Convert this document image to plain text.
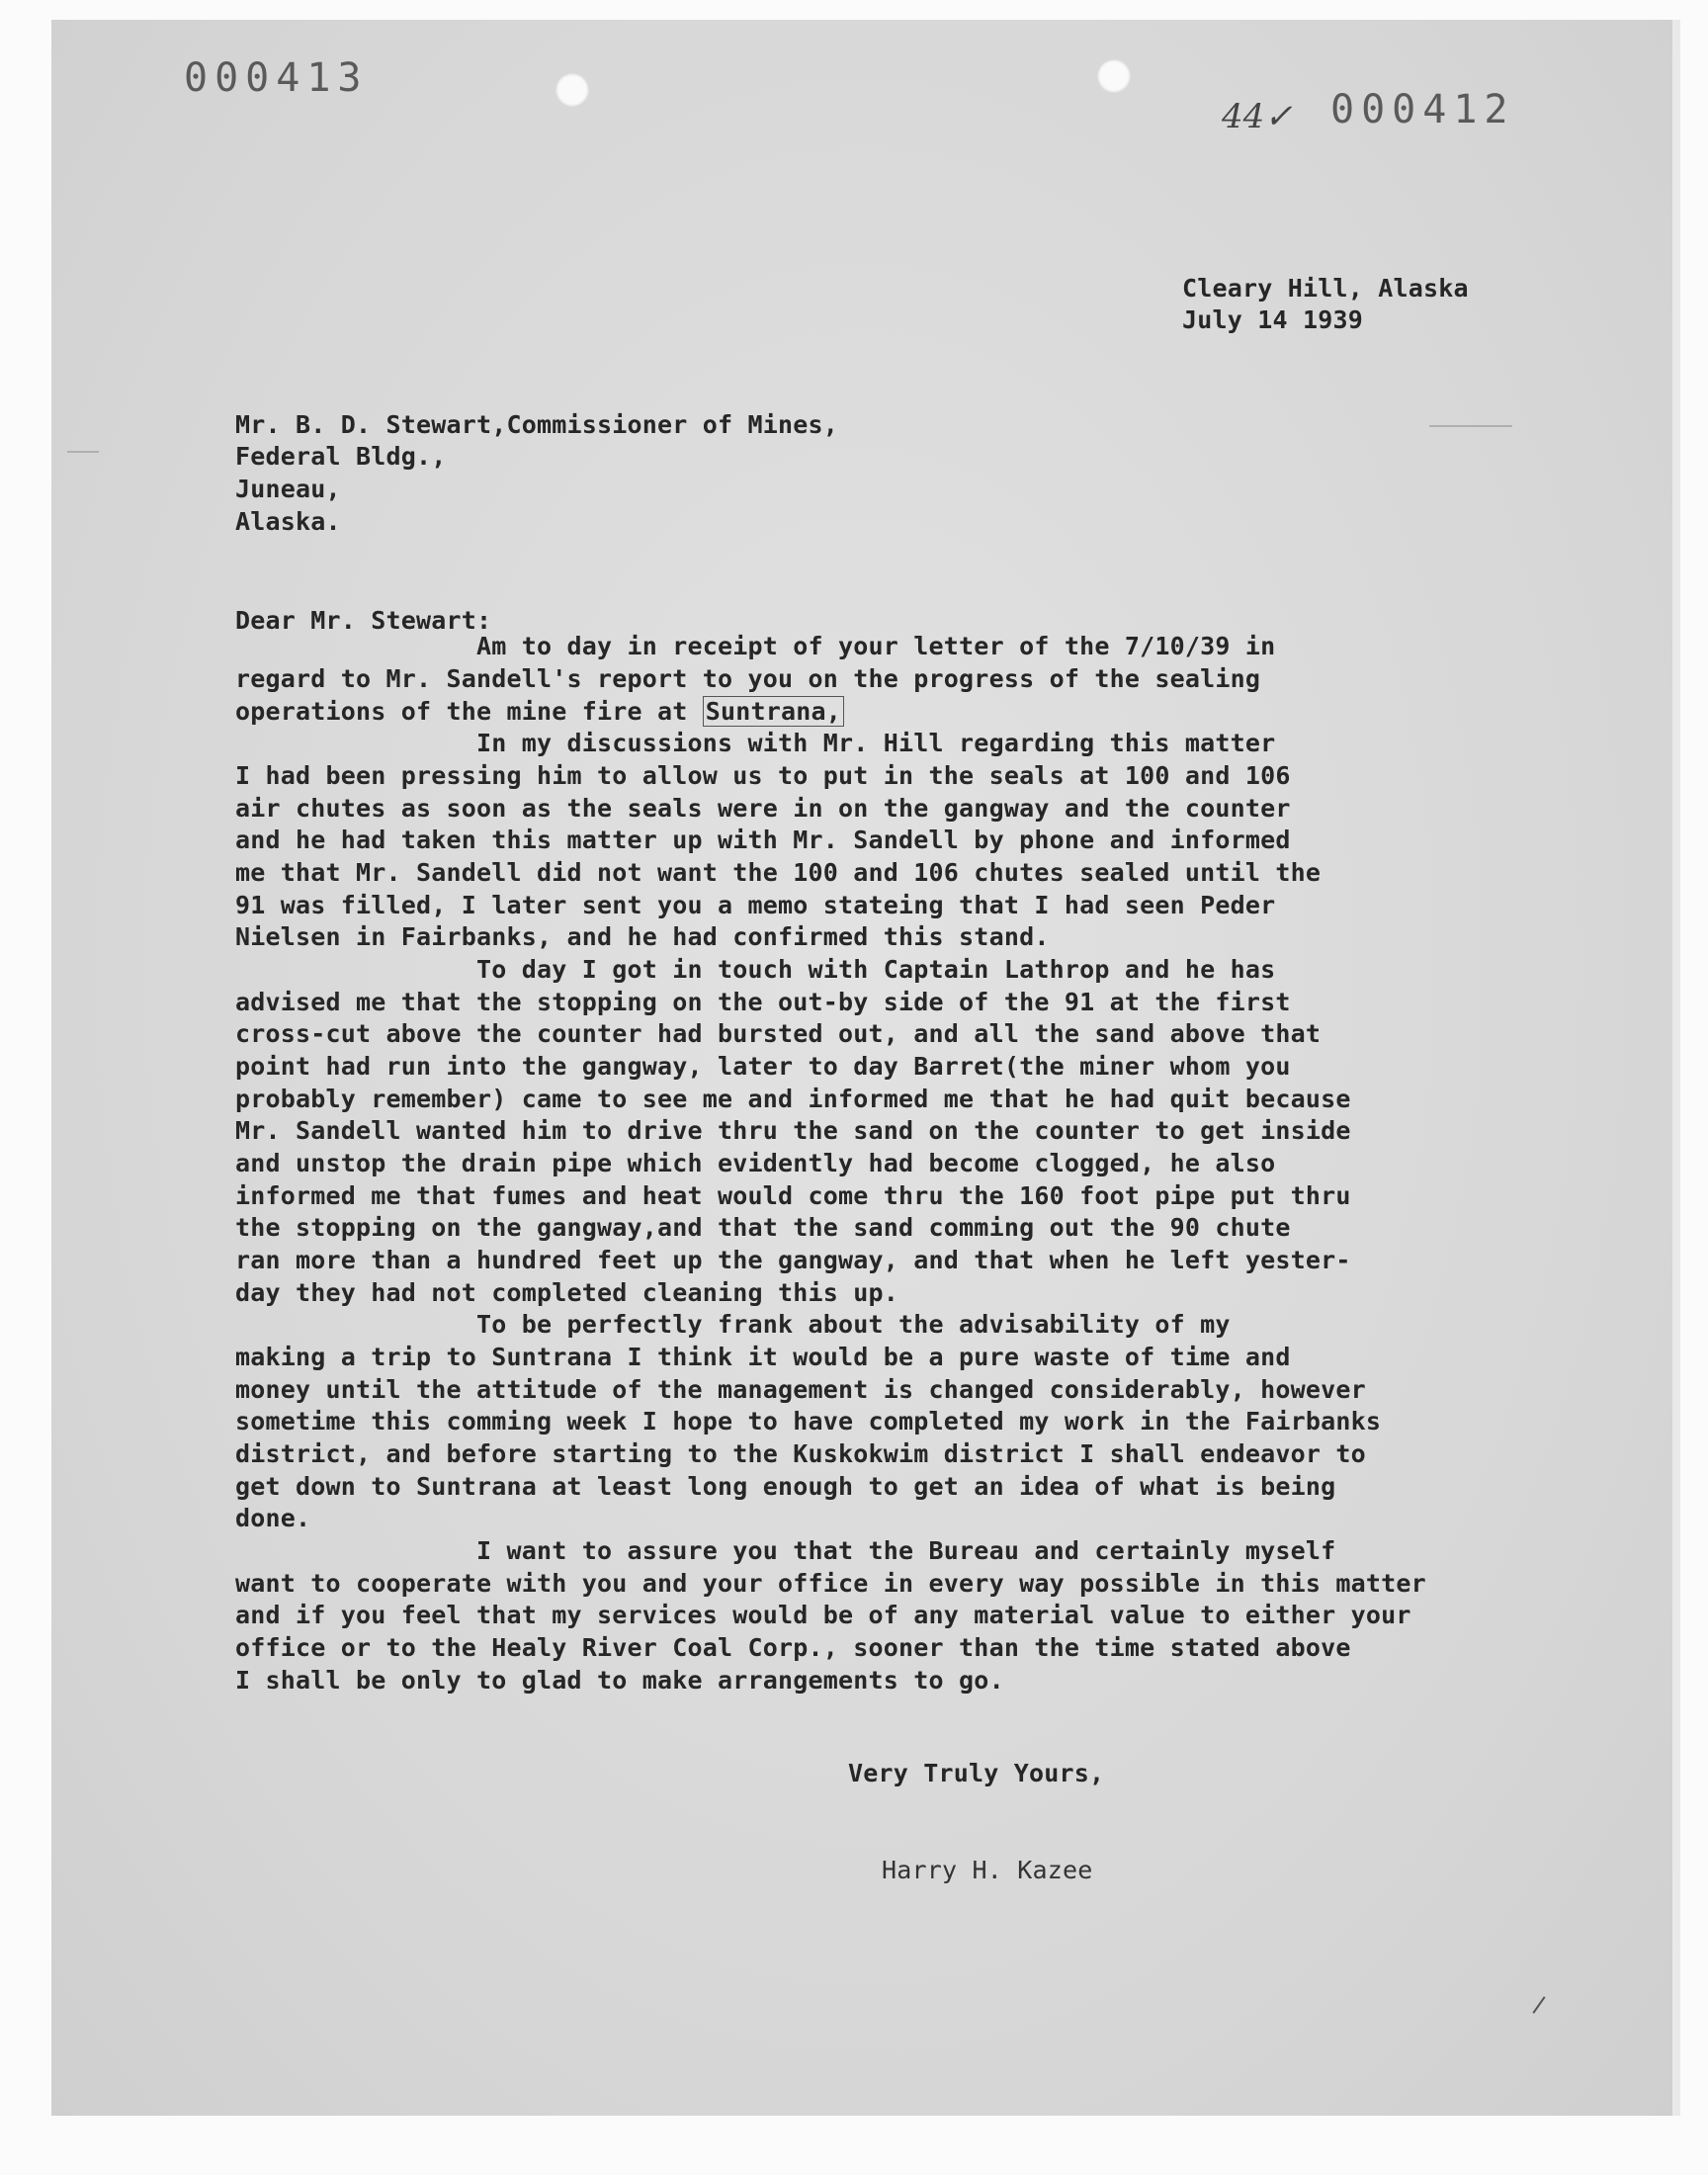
000413
44✓ 000412
Cleary Hill, Alaska
July 14 1939
Mr. B. D. Stewart,Commissioner of Mines,
Federal Bldg.,
Juneau,
Alaska.
Dear Mr. Stewart:
Am to day in receipt of your letter of the 7/10/39 in
regard to Mr. Sandell's report to you on the progress of the sealing
operations of the mine fire at Suntrana,
In my discussions with Mr. Hill regarding this matter
I had been pressing him to allow us to put in the seals at 100 and 106
air chutes as soon as the seals were in on the gangway and the counter
and he had taken this matter up with Mr. Sandell by phone and informed
me that Mr. Sandell did not want the 100 and 106 chutes sealed until the
91 was filled, I later sent you a memo stateing that I had seen Peder
Nielsen in Fairbanks, and he had confirmed this stand.
To day I got in touch with Captain Lathrop and he has
advised me that the stopping on the out-by side of the 91 at the first
cross-cut above the counter had bursted out, and all the sand above that
point had run into the gangway, later to day Barret(the miner whom you
probably remember) came to see me and informed me that he had quit because
Mr. Sandell wanted him to drive thru the sand on the counter to get inside
and unstop the drain pipe which evidently had become clogged, he also
informed me that fumes and heat would come thru the 160 foot pipe put thru
the stopping on the gangway,and that the sand comming out the 90 chute
ran more than a hundred feet up the gangway, and that when he left yester-
day they had not completed cleaning this up.
To be perfectly frank about the advisability of my
making a trip to Suntrana I think it would be a pure waste of time and
money until the attitude of the management is changed considerably, however
sometime this comming week I hope to have completed my work in the Fairbanks
district, and before starting to the Kuskokwim district I shall endeavor to
get down to Suntrana at least long enough to get an idea of what is being
done.
I want to assure you that the Bureau and certainly myself
want to cooperate with you and your office in every way possible in this matter
and if you feel that my services would be of any material value to either your
office or to the Healy River Coal Corp., sooner than the time stated above
I shall be only to glad to make arrangements to go.
Very Truly Yours,
Harry H. Kazee
